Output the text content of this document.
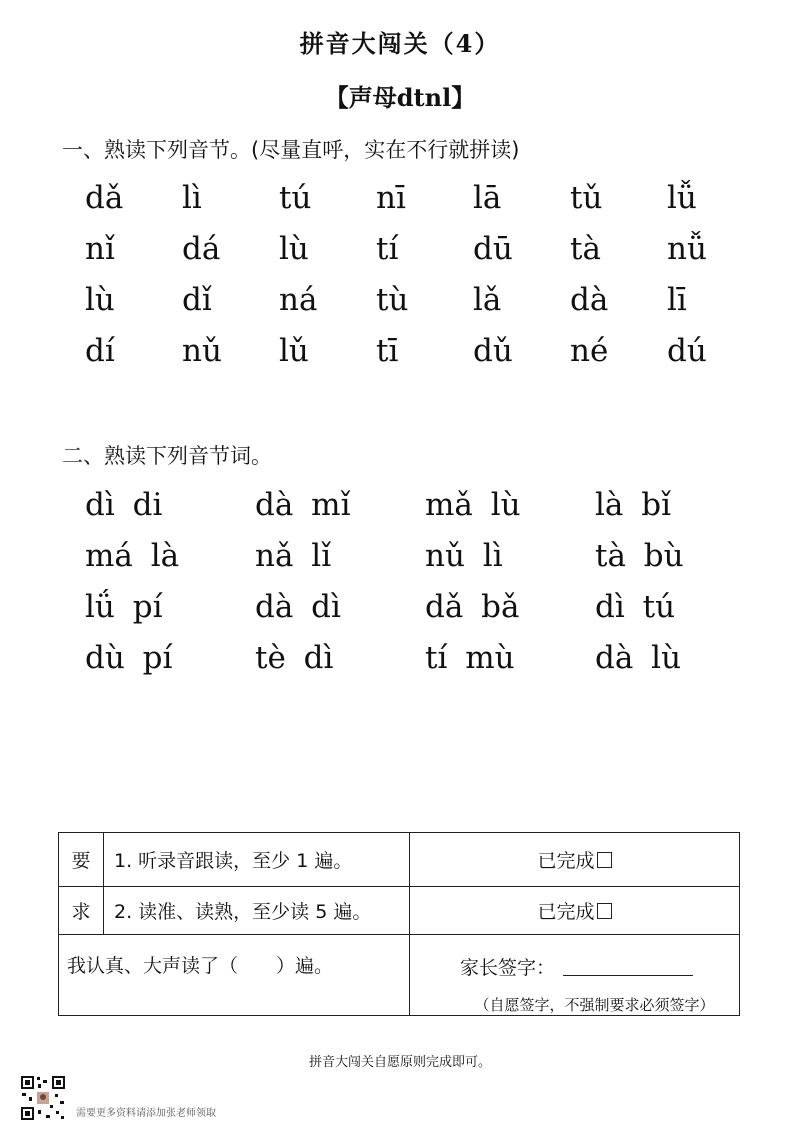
拼音大闯关（4）
【声母dtnl】
一、熟读下列音节。(尽量直呼，实在不行就拼读)
dǎ	lì	tú	nī	lā	tǔ	lǚ
nǐ	dá	lù	tí	dū	tà	nǚ
lù	dǐ	ná	tù	lǎ	dà	lī
dí	nǔ	lǔ	tī	dǔ	né	dú
二、熟读下列音节词。
dì di	dà mǐ	mǎ lù	là bǐ
má là	nǎ lǐ	nǔ lì	tà bù
lǘ pí	dà dì	dǎ bǎ	dì tú
dù pí	tè dì	tí mù	dà lù
要	1. 听录音跟读，至少 1 遍。	已完成
求	2. 读准、读熟，至少读 5 遍。	已完成
我认真、大声读了（　　）遍。		家长签字：
（自愿签字，不强制要求必须签字）
拼音大闯关自愿原则完成即可。
需要更多资料请添加张老师领取
